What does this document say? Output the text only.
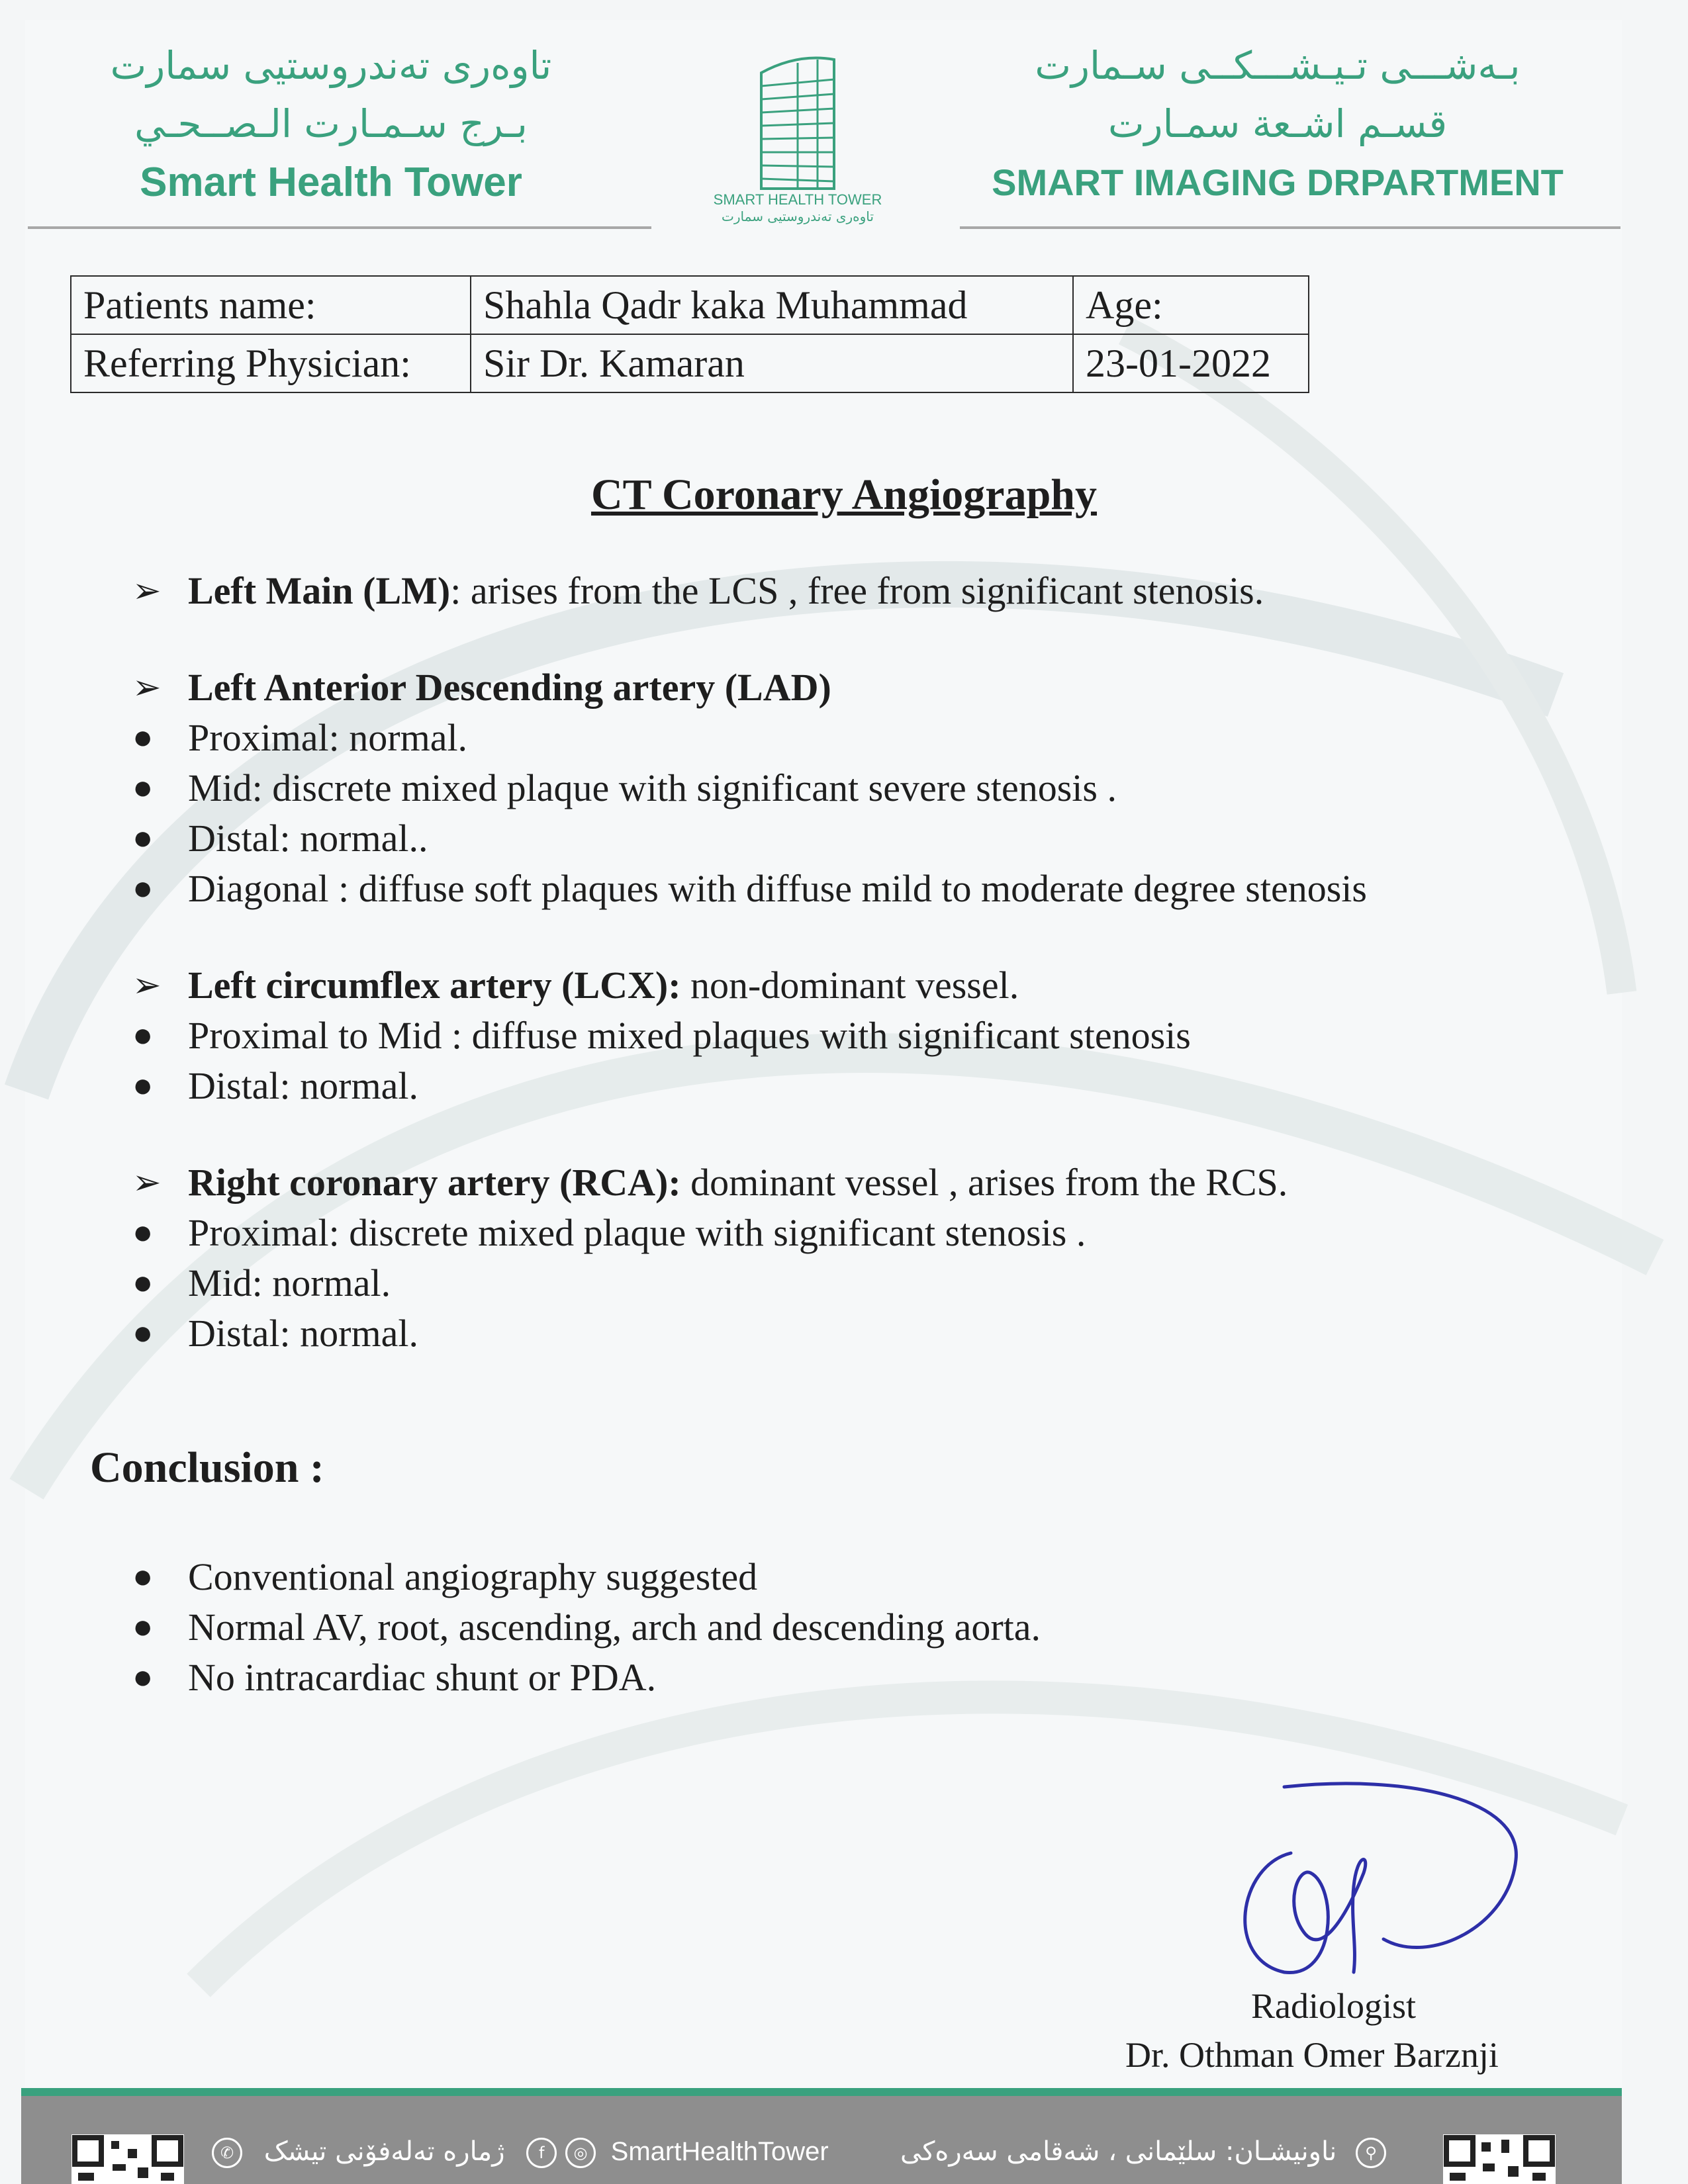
تاوەری تەندروستیی سمارت
بـرج سـمـارت الـصــحـي
Smart Health Tower	SMART HEALTH TOWER
تاوەری تەندروستیی سمارت
بـەشـــی تـیـشـــکــی سـمارت
قسـم اشـعة سمـارت
SMART IMAGING DRPARTMENT
Patients name:	Shahla Qadr kaka Muhammad	Age:
Referring Physician:	Sir Dr. Kamaran	23-01-2022
CT Coronary Angiography
➢ Left Main (LM): arises from the LCS , free from significant stenosis.
➢ Left Anterior Descending artery (LAD)
● Proximal: normal.
● Mid: discrete mixed plaque with significant severe stenosis .
● Distal: normal..
● Diagonal : diffuse soft plaques with diffuse mild to moderate degree stenosis
➢ Left circumflex artery (LCX): non-dominant vessel.
● Proximal to Mid : diffuse mixed plaques with significant stenosis
● Distal: normal.
➢ Right coronary artery (RCA): dominant vessel , arises from the RCS.
● Proximal: discrete mixed plaque with significant stenosis .
● Mid: normal.
● Distal: normal.
Conclusion :
● Conventional angiography suggested
● Normal AV, root, ascending, arch and descending aorta.
● No intracardiac shunt or PDA.
Radiologist
Dr. Othman Omer Barznji
✆ ژمارە تەلەفۆنی تیشک f ◎ SmartHealthTower	ناونیشـان: سلێمانی ، شەقامی سەرەکی ⚲
